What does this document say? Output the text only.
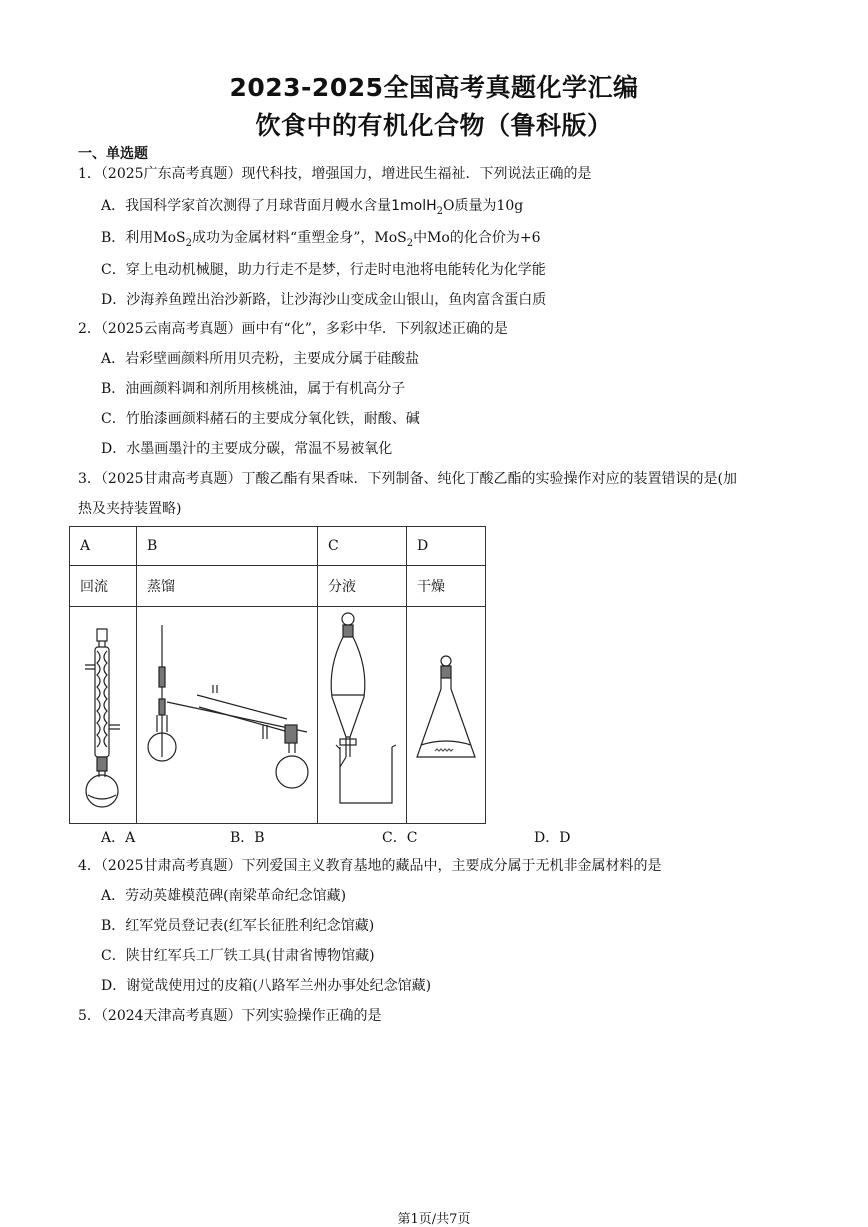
2023-2025全国高考真题化学汇编
饮食中的有机化合物（鲁科版）
一、单选题
1．（2025广东高考真题）现代科技，增强国力，增进民生福祉．下列说法正确的是
A．我国科学家首次测得了月球背面月幔水含量1molH$_2$O质量为10g
B．利用MoS$_2$成功为金属材料“重塑金身”，MoS$_2$中Mo的化合价为+6
C．穿上电动机械腿，助力行走不是梦，行走时电池将电能转化为化学能
D．沙海养鱼蹚出治沙新路，让沙海沙山变成金山银山，鱼肉富含蛋白质
2．（2025云南高考真题）画中有“化”，多彩中华．下列叙述正确的是
A．岩彩壁画颜料所用贝壳粉，主要成分属于硅酸盐
B．油画颜料调和剂所用核桃油，属于有机高分子
C．竹胎漆画颜料赭石的主要成分氧化铁，耐酸、碱
D．水墨画墨汁的主要成分碳，常温不易被氧化
3．（2025甘肃高考真题）丁酸乙酯有果香味．下列制备、纯化丁酸乙酯的实验操作对应的装置错误的是(加
热及夹持装置略)
A	B	C	D
回流	蒸馏	分液	干燥

A．A	B．B	C．C	D．D
4．（2025甘肃高考真题）下列爱国主义教育基地的藏品中，主要成分属于无机非金属材料的是
A．劳动英雄模范碑(南梁革命纪念馆藏)
B．红军党员登记表(红军长征胜利纪念馆藏)
C．陕甘红军兵工厂铁工具(甘肃省博物馆藏)
D．谢觉哉使用过的皮箱(八路军兰州办事处纪念馆藏)
5．（2024天津高考真题）下列实验操作正确的是
第1页/共7页
